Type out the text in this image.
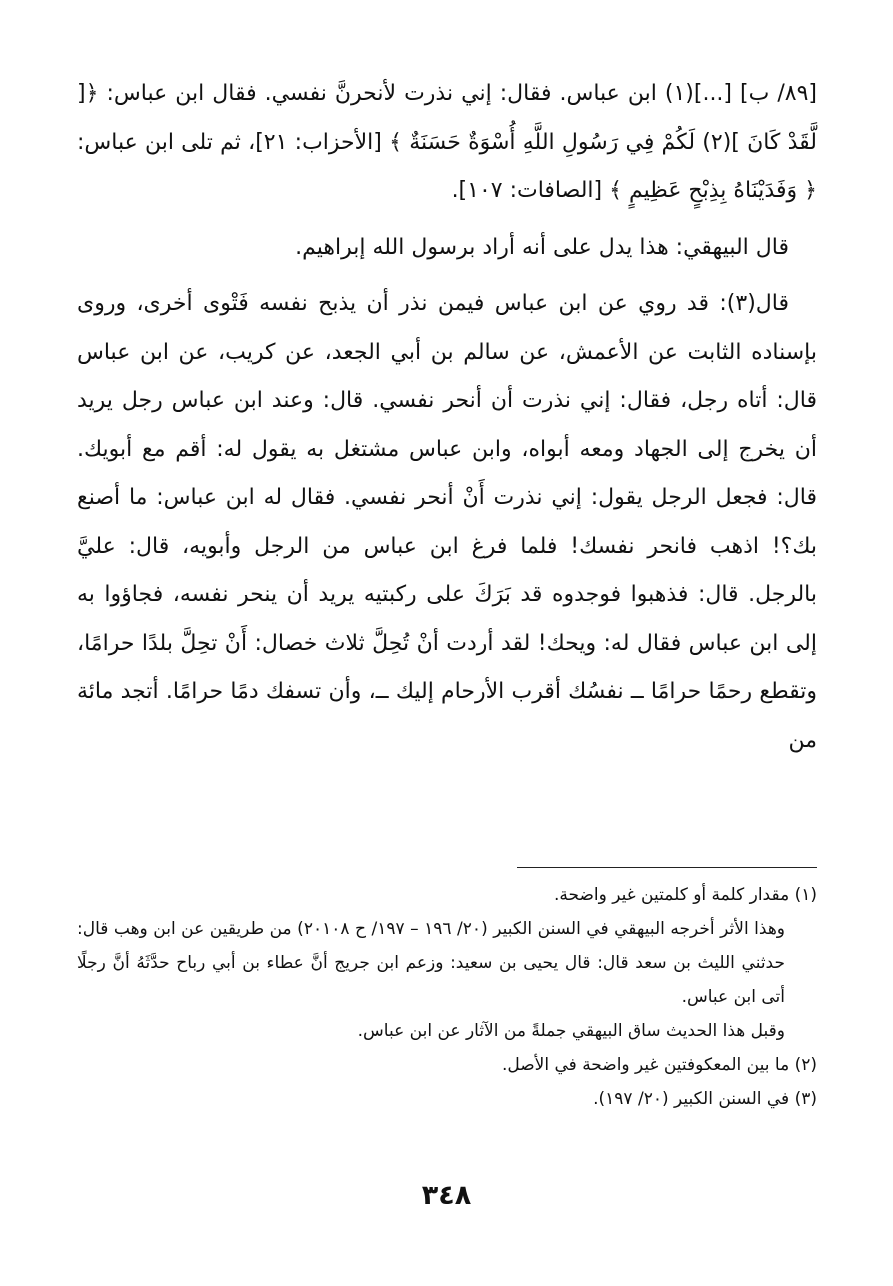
[٨٩/ ب] [...](١) ابن عباس. فقال: إني نذرت لأنحرنَّ نفسي. فقال ابن عباس: ﴿[ لَّقَدْ كَانَ ](٢) لَكُمْ فِي رَسُولِ اللَّهِ أُسْوَةٌ حَسَنَةٌ ﴾ [الأحزاب: ٢١]، ثم تلى ابن عباس: ﴿ وَفَدَيْنَاهُ بِذِبْحٍ عَظِيمٍ ﴾ [الصافات: ١٠٧].

قال البيهقي: هذا يدل على أنه أراد برسول الله إبراهيم.

قال(٣): قد روي عن ابن عباس فيمن نذر أن يذبح نفسه فَتْوى أخرى، وروى بإسناده الثابت عن الأعمش، عن سالم بن أبي الجعد، عن كريب، عن ابن عباس قال: أتاه رجل، فقال: إني نذرت أن أنحر نفسي. قال: وعند ابن عباس رجل يريد أن يخرج إلى الجهاد ومعه أبواه، وابن عباس مشتغل به يقول له: أقم مع أبويك. قال: فجعل الرجل يقول: إني نذرت أَنْ أنحر نفسي. فقال له ابن عباس: ما أصنع بك؟! اذهب فانحر نفسك! فلما فرغ ابن عباس من الرجل وأبويه، قال: عليَّ بالرجل. قال: فذهبوا فوجدوه قد بَرَكَ على ركبتيه يريد أن ينحر نفسه، فجاؤوا به إلى ابن عباس فقال له: ويحك! لقد أردت أنْ تُحِلَّ ثلاث خصال: أَنْ تحِلَّ بلدًا حرامًا، وتقطع رحمًا حرامًا ــ نفسُك أقرب الأرحام إليك ــ، وأن تسفك دمًا حرامًا. أتجد مائة من

(١) مقدار كلمة أو كلمتين غير واضحة.

وهذا الأثر أخرجه البيهقي في السنن الكبير (٢٠/ ١٩٦ – ١٩٧/ ح ٢٠١٠٨) من طريقين عن ابن وهب قال: حدثني الليث بن سعد قال: قال يحيى بن سعيد: وزعم ابن جريج أنَّ عطاء بن أبي رباح حدَّثَهُ أنَّ رجلًا أتى ابن عباس.

وقبل هذا الحديث ساق البيهقي جملةً من الآثار عن ابن عباس.

(٢) ما بين المعكوفتين غير واضحة في الأصل.

(٣) في السنن الكبير (٢٠/ ١٩٧).

٣٤٨
